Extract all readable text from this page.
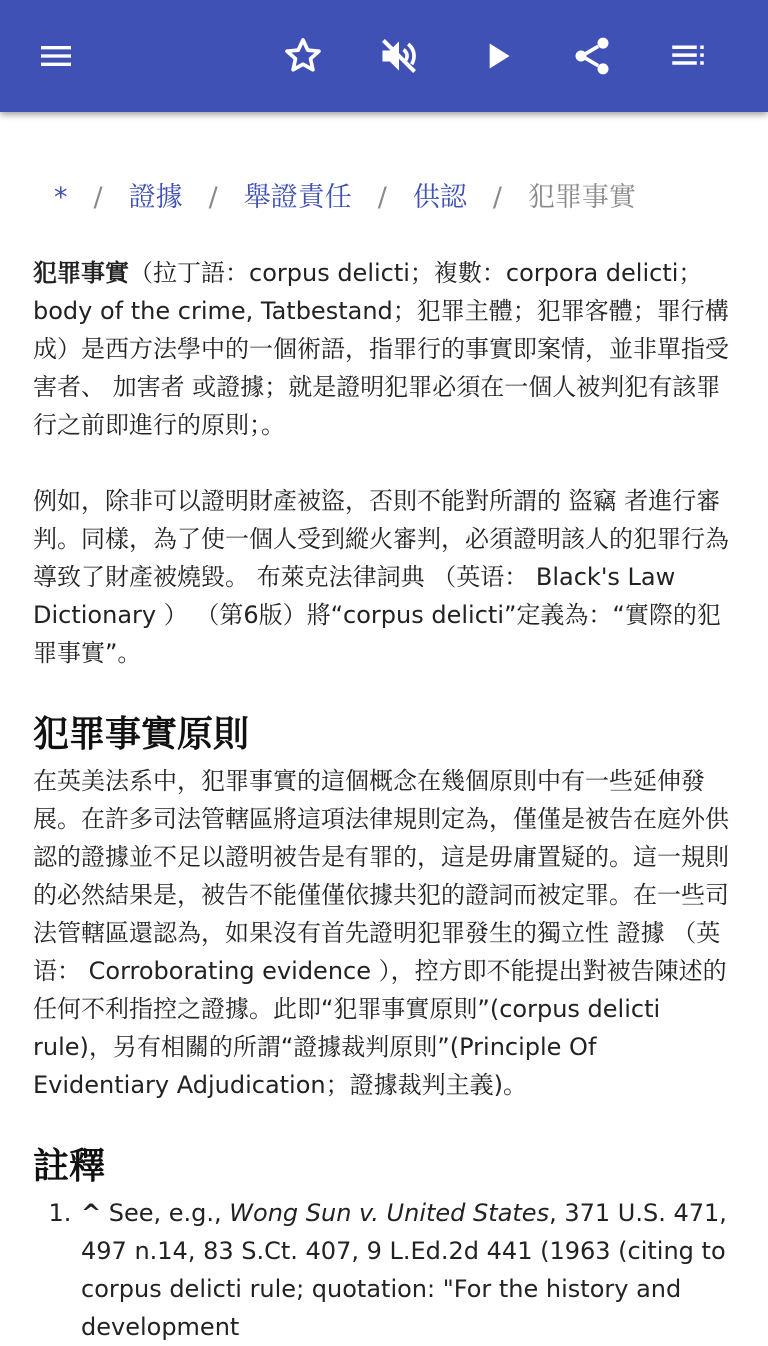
* / 證據 / 舉證責任 / 供認 / 犯罪事實

犯罪事實（拉丁語：corpus delicti；複數：corpora delicti；body of the crime, Tatbestand；犯罪主體；犯罪客體；罪行構成）是西方法學中的一個術語，指罪行的事實即案情，並非單指受害者、 加害者 或證據；就是證明犯罪必須在一個人被判犯有該罪行之前即進行的原則；。

例如，除非可以證明財產被盜，否則不能對所謂的 盜竊 者進行審判。同樣，為了使一個人受到縱火審判，必須證明該人的犯罪行為導致了財產被燒毀。 布萊克法律詞典 （英语： Black's Law Dictionary ） （第6版）將“corpus delicti”定義為：“實際的犯罪事實”。

犯罪事實原則

在英美法系中，犯罪事實的這個概念在幾個原則中有一些延伸發展。在許多司法管轄區將這項法律規則定為，僅僅是被告在庭外供認的證據並不足以證明被告是有罪的，這是毋庸置疑的。這一規則的必然結果是，被告不能僅僅依據共犯的證詞而被定罪。在一些司法管轄區還認為，如果沒有首先證明犯罪發生的獨立性 證據 （英语： Corroborating evidence ），控方即不能提出對被告陳述的任何不利指控之證據。此即“犯罪事實原則”(corpus delicti rule)，另有相關的所謂“證據裁判原則”(Principle Of Evidentiary Adjudication；證據裁判主義)。

註釋
1. ^ See, e.g., Wong Sun v. United States, 371 U.S. 471, 497 n.14, 83 S.Ct. 407, 9 L.Ed.2d 441 (1963 (citing to corpus delicti rule; quotation: "For the history and development
